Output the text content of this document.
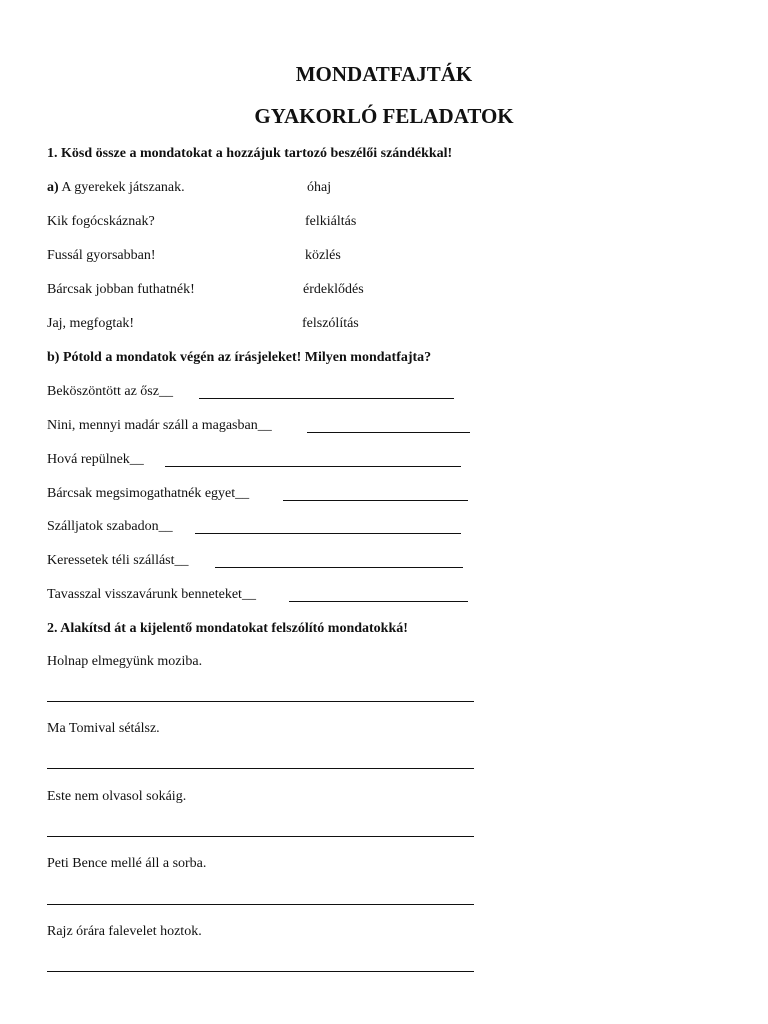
MONDATFAJTÁK
GYAKORLÓ FELADATOK
1. Kösd össze a mondatokat a hozzájuk tartozó beszélői szándékkal!
a) A gyerekek játszanak.
Kik fogócskáznak?
Fussál gyorsabban!
Bárcsak jobban futhatnék!
Jaj, megfogtak!
óhaj
felkiáltás
közlés
érdeklődés
felszólítás
b) Pótold a mondatok végén az írásjeleket! Milyen mondatfajta?
Beköszöntött az ősz__
Nini, mennyi madár száll a magasban__
Hová repülnek__
Bárcsak megsimogathatnék egyet__
Szálljatok szabadon__
Keressetek téli szállást__
Tavasszal visszavárunk benneteket__
2. Alakítsd át a kijelentő mondatokat felszólító mondatokká!
Holnap elmegyünk moziba.
Ma Tomival sétálsz.
Este nem olvasol sokáig.
Peti Bence mellé áll a sorba.
Rajz órára falevelet hoztok.
